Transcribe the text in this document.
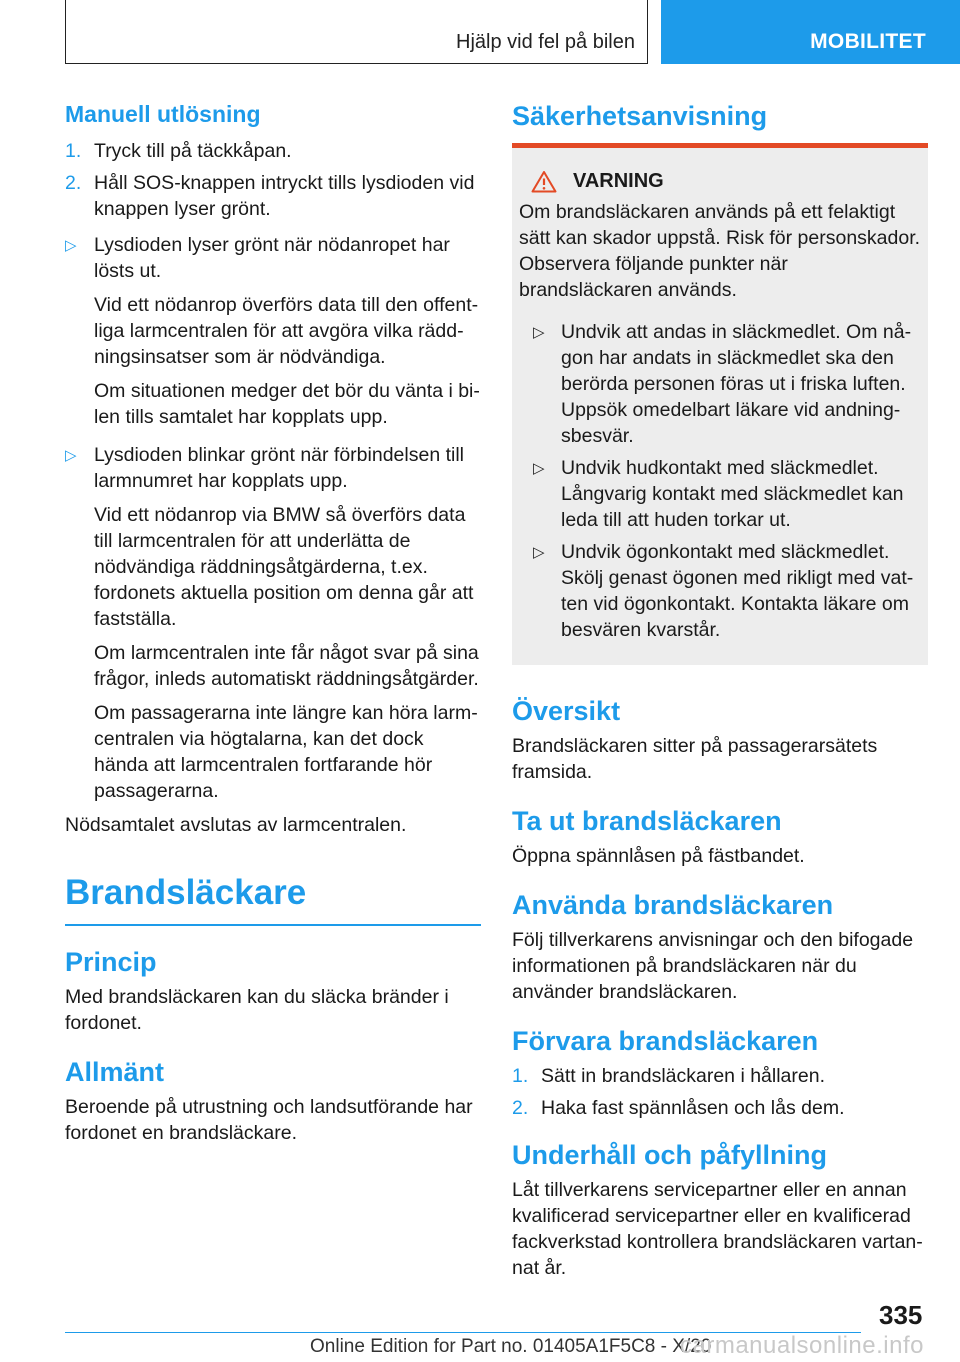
Hjälp vid fel på bilen	MOBILITET
Manuell utlösning
1. Tryck till på täckkåpan.
2. Håll SOS-knappen intryckt tills lysdioden vid knappen lyser grönt.
▷ Lysdioden lyser grönt när nödanropet har lösts ut.
Vid ett nödanrop överförs data till den offentliga larmcentralen för att avgöra vilka räddningsinsatser som är nödvändiga.
Om situationen medger det bör du vänta i bilen tills samtalet har kopplats upp.
▷ Lysdioden blinkar grönt när förbindelsen till larmnumret har kopplats upp.
Vid ett nödanrop via BMW så överförs data till larmcentralen för att underlätta de nödvändiga räddningsåtgärderna, t.ex. fordonets aktuella position om denna går att fastställa.
Om larmcentralen inte får något svar på sina frågor, inleds automatiskt räddningsåtgärder.
Om passagerarna inte längre kan höra larmcentralen via högtalarna, kan det dock hända att larmcentralen fortfarande hör passagerarna.

Nödsamtalet avslutas av larmcentralen.

Brandsläckare
Princip

Med brandsläckaren kan du släcka bränder i fordonet.

Allmänt

Beroende på utrustning och landsutförande har fordonet en brandsläckare.

Säkerhetsanvisning
VARNING

Om brandsläckaren används på ett felaktigt sätt kan skador uppstå. Risk för personskador. Observera följande punkter när brandsläckaren används.

▷ Undvik att andas in släckmedlet. Om någon har andats in släckmedlet ska den berörda personen föras ut i friska luften. Uppsök omedelbart läkare vid andningsbesvär.
▷ Undvik hudkontakt med släckmedlet. Långvarig kontakt med släckmedlet kan leda till att huden torkar ut.
▷ Undvik ögonkontakt med släckmedlet. Skölj genast ögonen med rikligt med vatten vid ögonkontakt. Kontakta läkare om besvären kvarstår.
Översikt

Brandsläckaren sitter på passagerarsätets framsida.

Ta ut brandsläckaren

Öppna spännlåsen på fästbandet.

Använda brandsläckaren

Följ tillverkarens anvisningar och den bifogade informationen på brandsläckaren när du använder brandsläckaren.

Förvara brandsläckaren
1. Sätt in brandsläckaren i hållaren.
2. Haka fast spännlåsen och lås dem.
Underhåll och påfyllning

Låt tillverkarens servicepartner eller en annan kvalificerad servicepartner eller en kvalificerad fackverkstad kontrollera brandsläckaren vartannat år.

335
Online Edition for Part no. 01405A1F5C8 - X/20
carmanualsonline.info
